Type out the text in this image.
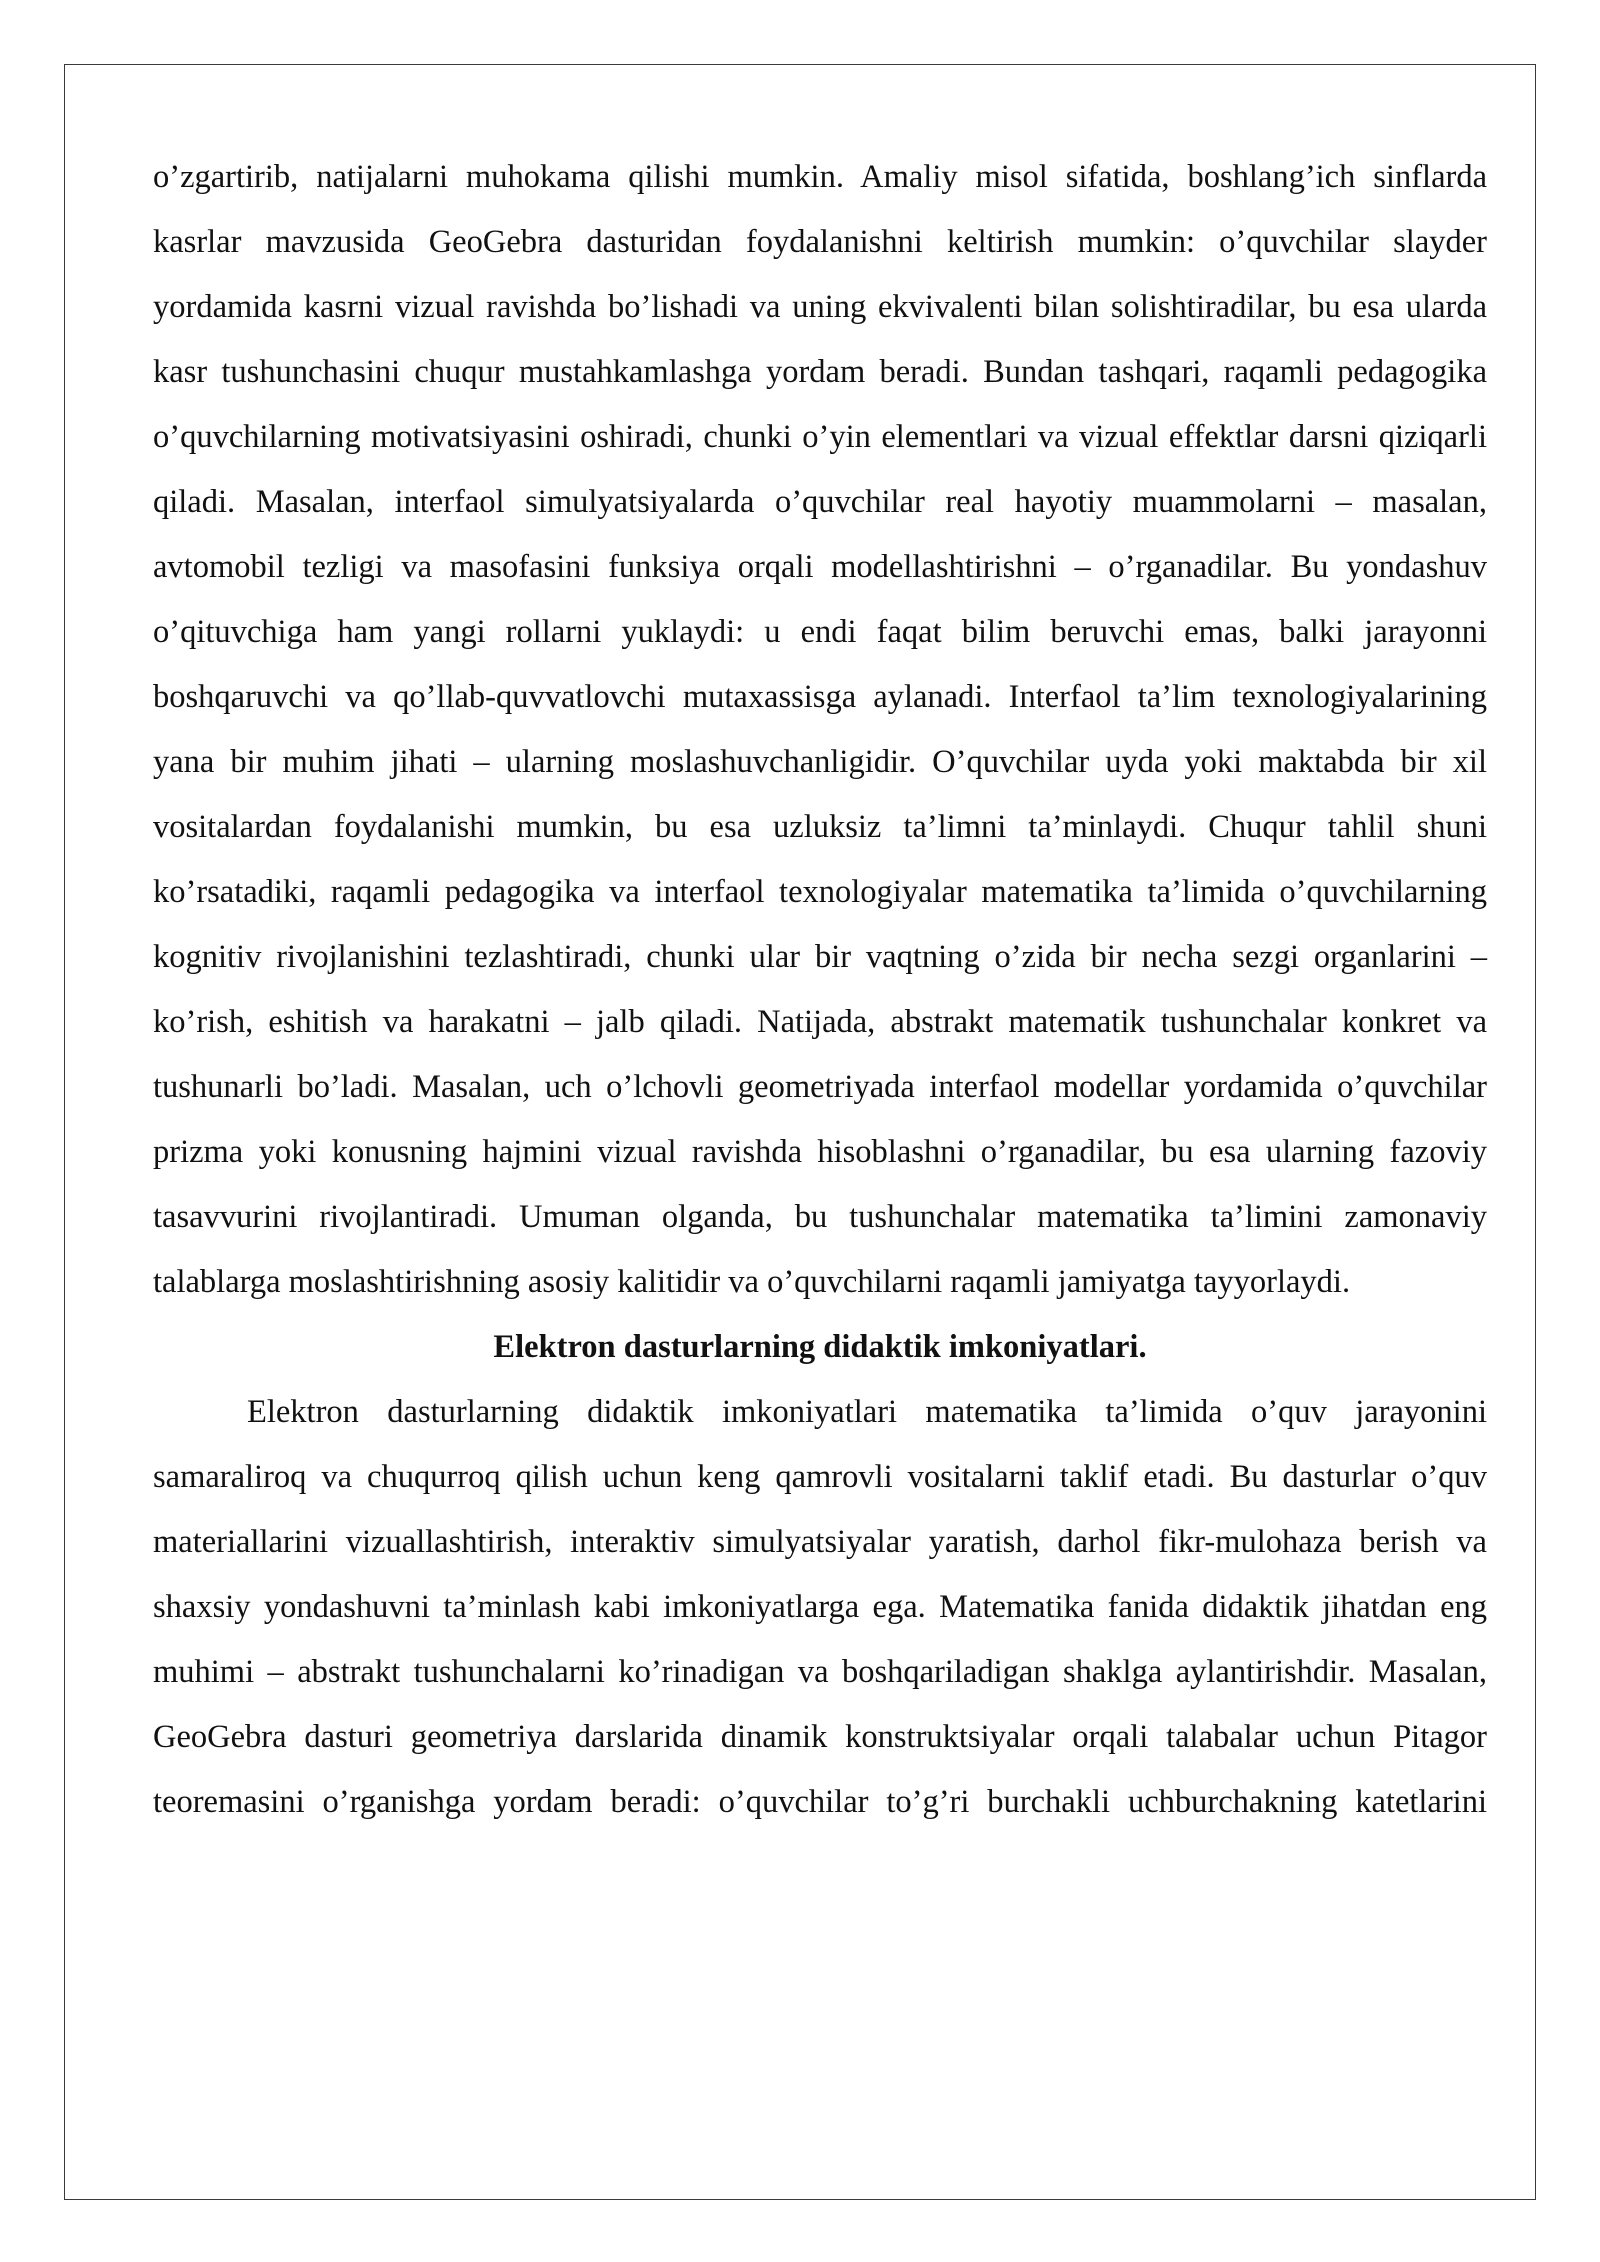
o’zgartirib, natijalarni muhokama qilishi mumkin. Amaliy misol sifatida, boshlang’ich sinflarda kasrlar mavzusida GeoGebra dasturidan foydalanishni keltirish mumkin: o’quvchilar slayder yordamida kasrni vizual ravishda bo’lishadi va uning ekvivalenti bilan solishtiradilar, bu esa ularda kasr tushunchasini chuqur mustahkamlashga yordam beradi. Bundan tashqari, raqamli pedagogika o’quvchilarning motivatsiyasini oshiradi, chunki o’yin elementlari va vizual effektlar darsni qiziqarli qiladi. Masalan, interfaol simulyatsiyalarda o’quvchilar real hayotiy muammolarni – masalan, avtomobil tezligi va masofasini funksiya orqali modellashtirishni – o’rganadilar. Bu yondashuv o’qituvchiga ham yangi rollarni yuklaydi: u endi faqat bilim beruvchi emas, balki jarayonni boshqaruvchi va qo’llab-quvvatlovchi mutaxassisga aylanadi. Interfaol ta’lim texnologiyalarining yana bir muhim jihati – ularning moslashuvchanligidir. O’quvchilar uyda yoki maktabda bir xil vositalardan foydalanishi mumkin, bu esa uzluksiz ta’limni ta’minlaydi. Chuqur tahlil shuni ko’rsatadiki, raqamli pedagogika va interfaol texnologiyalar matematika ta’limida o’quvchilarning kognitiv rivojlanishini tezlashtiradi, chunki ular bir vaqtning o’zida bir necha sezgi organlarini – ko’rish, eshitish va harakatni – jalb qiladi. Natijada, abstrakt matematik tushunchalar konkret va tushunarli bo’ladi. Masalan, uch o’lchovli geometriyada interfaol modellar yordamida o’quvchilar prizma yoki konusning hajmini vizual ravishda hisoblashni o’rganadilar, bu esa ularning fazoviy tasavvurini rivojlantiradi. Umuman olganda, bu tushunchalar matematika ta’limini zamonaviy talablarga moslashtirishning asosiy kalitidir va o’quvchilarni raqamli jamiyatga tayyorlaydi.

Elektron dasturlarning didaktik imkoniyatlari.

Elektron dasturlarning didaktik imkoniyatlari matematika ta’limida o’quv jarayonini samaraliroq va chuqurroq qilish uchun keng qamrovli vositalarni taklif etadi. Bu dasturlar o’quv materiallarini vizuallashtirish, interaktiv simulyatsiyalar yaratish, darhol fikr-mulohaza berish va shaxsiy yondashuvni ta’minlash kabi imkoniyatlarga ega. Matematika fanida didaktik jihatdan eng muhimi – abstrakt tushunchalarni ko’rinadigan va boshqariladigan shaklga aylantirishdir. Masalan, GeoGebra dasturi geometriya darslarida dinamik konstruktsiyalar orqali talabalar uchun Pitagor teoremasini o’rganishga yordam beradi: o’quvchilar to’g’ri burchakli uchburchakning katetlarini
